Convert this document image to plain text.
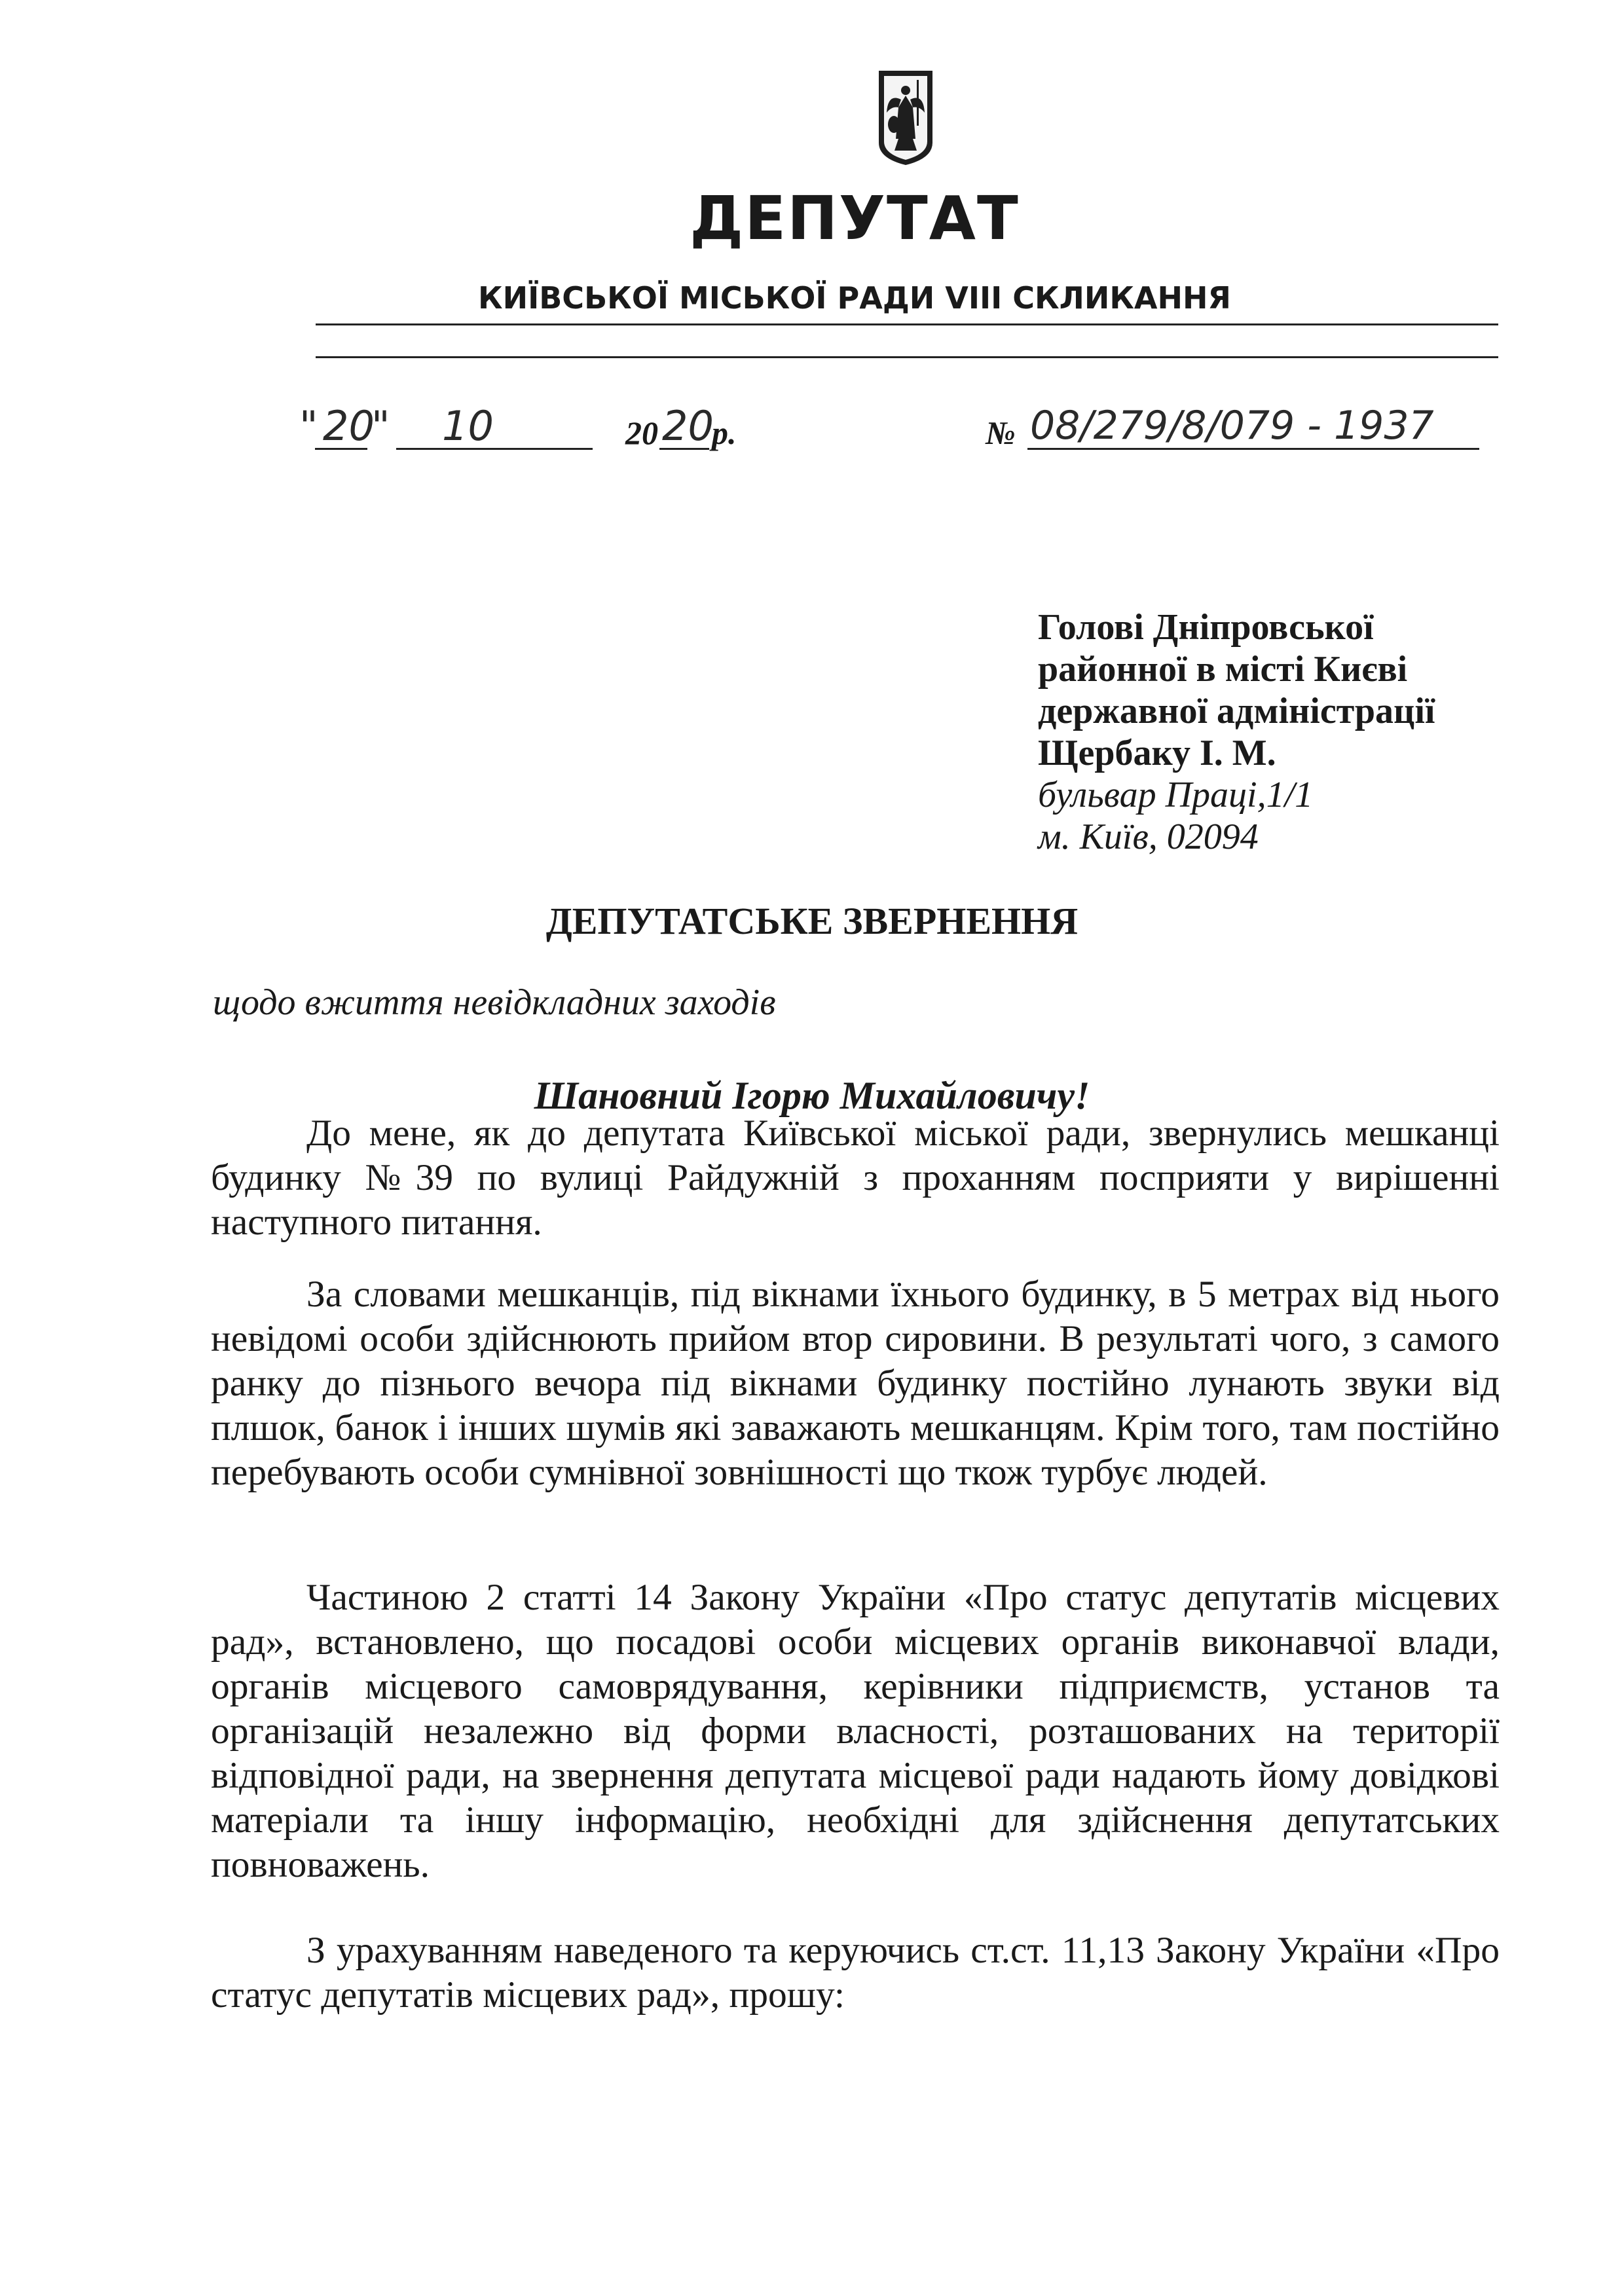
ДЕПУТАТ
КИЇВСЬКОЇ МІСЬКОЇ РАДИ VIII СКЛИКАННЯ
" 20
" 10	20 20
р.	№ 08/279/8/079 - 1937
Голові Дніпровської
районної в місті Києві
державної адміністрації
Щербаку І. М.
бульвар Праці,1/1
м. Київ, 02094
ДЕПУТАТСЬКЕ ЗВЕРНЕННЯ
щодо вжиття невідкладних заходів
Шановний Ігорю Михайловичу!

До мене, як до депутата Київської міської ради, звернулись мешканці будинку №39 по вулиці Райдужній з проханням посприяти у вирішенні наступного питання.

За словами мешканців, під вікнами їхнього будинку, в 5 метрах від нього невідомі особи здійснюють прийом втор сировини. В результаті чого, з самого ранку до пізнього вечора під вікнами будинку постійно лунають звуки від плшок, банок і інших шумів які заважають мешканцям. Крім того, там постійно перебувають особи сумнівної зовнішності що ткож турбує людей.

Частиною 2 статті 14 Закону України «Про статус депутатів місцевих рад», встановлено, що посадові особи місцевих органів виконавчої влади, органів місцевого самоврядування, керівники підприємств, установ та організацій незалежно від форми власності, розташованих на території відповідної ради, на звернення депутата місцевої ради надають йому довідкові матеріали та іншу інформацію, необхідні для здійснення депутатських повноважень.

З урахуванням наведеного та керуючись ст.ст. 11,13 Закону України «Про статус депутатів місцевих рад», прошу:
